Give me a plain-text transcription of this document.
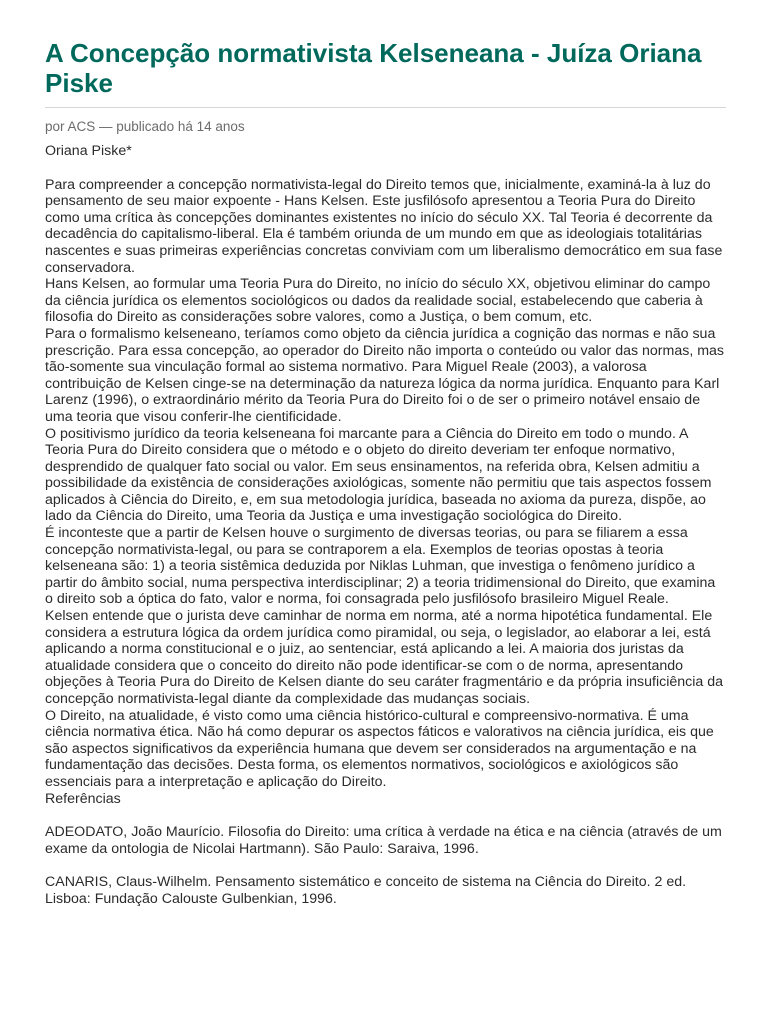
A Concepção normativista Kelseneana - Juíza Oriana Piske
por ACS — publicado há 14 anos
Oriana Piske*

Para compreender a concepção normativista-legal do Direito temos que, inicialmente, examiná-la à luz do pensamento de seu maior expoente - Hans Kelsen. Este jusfilósofo apresentou a Teoria Pura do Direito como uma crítica às concepções dominantes existentes no início do século XX. Tal Teoria é decorrente da decadência do capitalismo-liberal. Ela é também oriunda de um mundo em que as ideologiais totalitárias nascentes e suas primeiras experiências concretas conviviam com um liberalismo democrático em sua fase conservadora.

Hans Kelsen, ao formular uma Teoria Pura do Direito, no início do século XX, objetivou eliminar do campo da ciência jurídica os elementos sociológicos ou dados da realidade social, estabelecendo que caberia à filosofia do Direito as considerações sobre valores, como a Justiça, o bem comum, etc.

Para o formalismo kelseneano, teríamos como objeto da ciência jurídica a cognição das normas e não sua prescrição. Para essa concepção, ao operador do Direito não importa o conteúdo ou valor das normas, mas tão-somente sua vinculação formal ao sistema normativo. Para Miguel Reale (2003), a valorosa contribuição de Kelsen cinge-se na determinação da natureza lógica da norma jurídica. Enquanto para Karl Larenz (1996), o extraordinário mérito da Teoria Pura do Direito foi o de ser o primeiro notável ensaio de uma teoria que visou conferir-lhe cientificidade.

O positivismo jurídico da teoria kelseneana foi marcante para a Ciência do Direito em todo o mundo. A Teoria Pura do Direito considera que o método e o objeto do direito deveriam ter enfoque normativo, desprendido de qualquer fato social ou valor. Em seus ensinamentos, na referida obra, Kelsen admitiu a possibilidade da existência de considerações axiológicas, somente não permitiu que tais aspectos fossem aplicados à Ciência do Direito, e, em sua metodologia jurídica, baseada no axioma da pureza, dispõe, ao lado da Ciência do Direito, uma Teoria da Justiça e uma investigação sociológica do Direito.

É inconteste que a partir de Kelsen houve o surgimento de diversas teorias, ou para se filiarem a essa concepção normativista-legal, ou para se contraporem a ela. Exemplos de teorias opostas à teoria kelseneana são: 1) a teoria sistêmica deduzida por Niklas Luhman, que investiga o fenômeno jurídico a partir do âmbito social, numa perspectiva interdisciplinar; 2) a teoria tridimensional do Direito, que examina o direito sob a óptica do fato, valor e norma, foi consagrada pelo jusfilósofo brasileiro Miguel Reale.

Kelsen entende que o jurista deve caminhar de norma em norma, até a norma hipotética fundamental. Ele considera a estrutura lógica da ordem jurídica como piramidal, ou seja, o legislador, ao elaborar a lei, está aplicando a norma constitucional e o juiz, ao sentenciar, está aplicando a lei. A maioria dos juristas da atualidade considera que o conceito do direito não pode identificar-se com o de norma, apresentando objeções à Teoria Pura do Direito de Kelsen diante do seu caráter fragmentário e da própria insuficiência da concepção normativista-legal diante da complexidade das mudanças sociais.

O Direito, na atualidade, é visto como uma ciência histórico-cultural e compreensivo-normativa. É uma ciência normativa ética. Não há como depurar os aspectos fáticos e valorativos na ciência jurídica, eis que são aspectos significativos da experiência humana que devem ser considerados na argumentação e na fundamentação das decisões. Desta forma, os elementos normativos, sociológicos e axiológicos são essenciais para a interpretação e aplicação do Direito.

Referências
ADEODATO, João Maurício. Filosofia do Direito: uma crítica à verdade na ética e na ciência (através de um exame da ontologia de Nicolai Hartmann). São Paulo: Saraiva, 1996.
CANARIS, Claus-Wilhelm. Pensamento sistemático e conceito de sistema na Ciência do Direito. 2 ed. Lisboa: Fundação Calouste Gulbenkian, 1996.
